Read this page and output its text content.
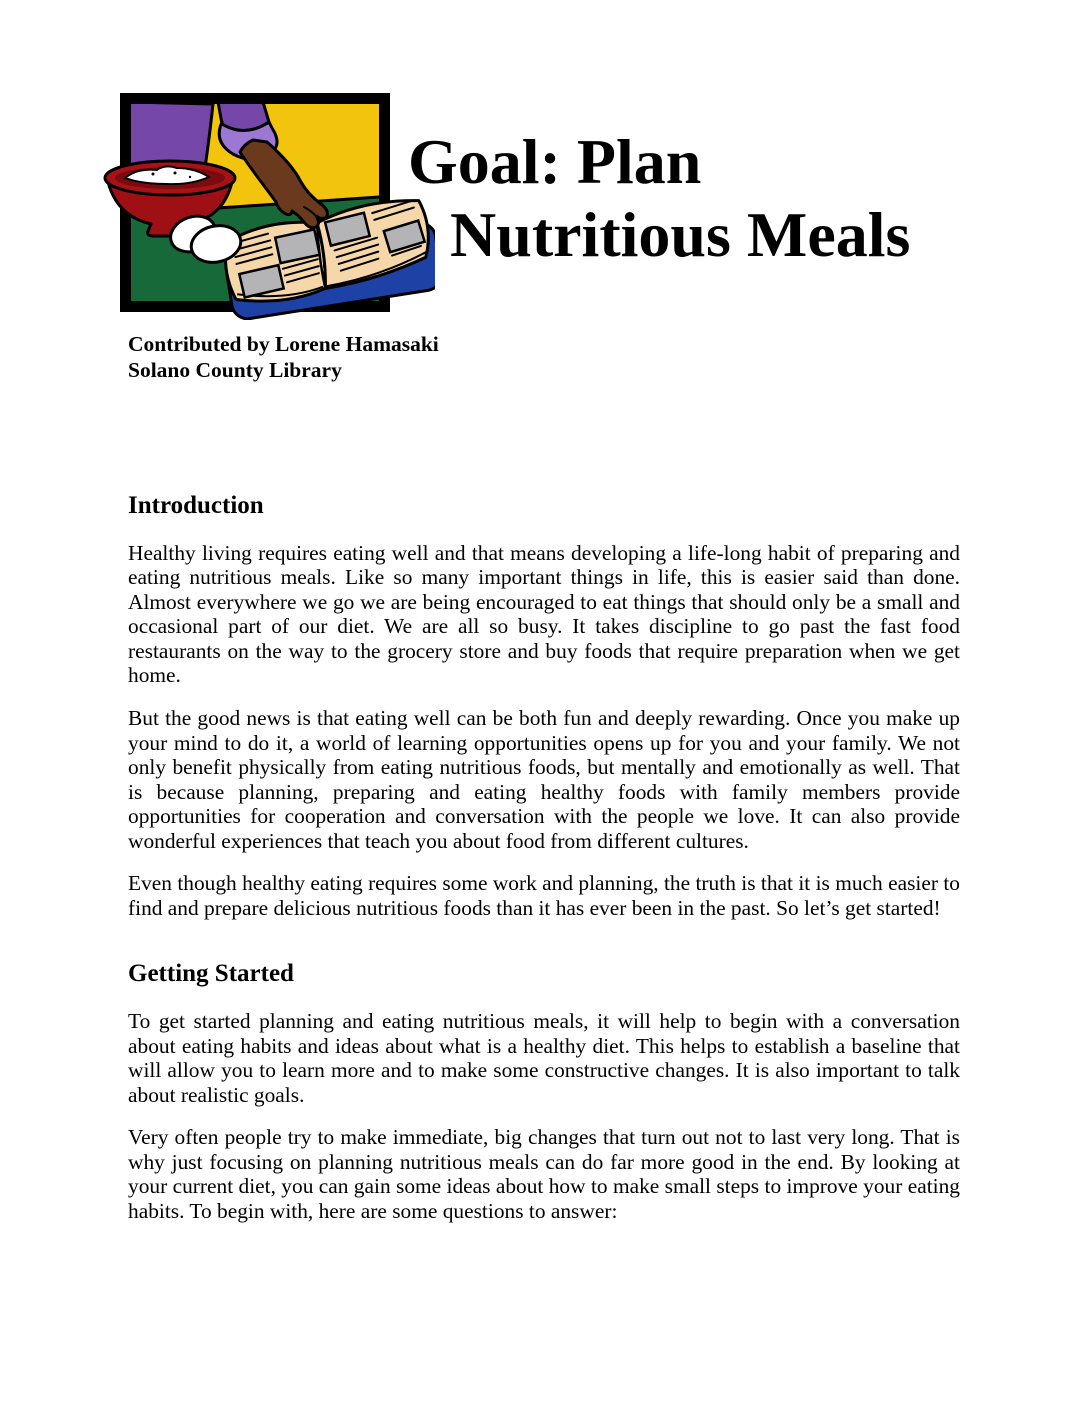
Goal: Plan
Nutritious Meals
Contributed by Lorene Hamasaki
Solano County Library
Introduction

Healthy living requires eating well and that means developing a life-long habit of preparing and eating nutritious meals. Like so many important things in life, this is easier said than done. Almost everywhere we go we are being encouraged to eat things that should only be a small and occasional part of our diet. We are all so busy. It takes discipline to go past the fast food restaurants on the way to the grocery store and buy foods that require preparation when we get home.

But the good news is that eating well can be both fun and deeply rewarding. Once you make up your mind to do it, a world of learning opportunities opens up for you and your family. We not only benefit physically from eating nutritious foods, but mentally and emotionally as well. That is because planning, preparing and eating healthy foods with family members provide opportunities for cooperation and conversation with the people we love. It can also provide wonderful experiences that teach you about food from different cultures.

Even though healthy eating requires some work and planning, the truth is that it is much easier to find and prepare delicious nutritious foods than it has ever been in the past. So let’s get started!

Getting Started

To get started planning and eating nutritious meals, it will help to begin with a conversation about eating habits and ideas about what is a healthy diet. This helps to establish a baseline that will allow you to learn more and to make some constructive changes. It is also important to talk about realistic goals.

Very often people try to make immediate, big changes that turn out not to last very long. That is why just focusing on planning nutritious meals can do far more good in the end. By looking at your current diet, you can gain some ideas about how to make small steps to improve your eating habits. To begin with, here are some questions to answer:
